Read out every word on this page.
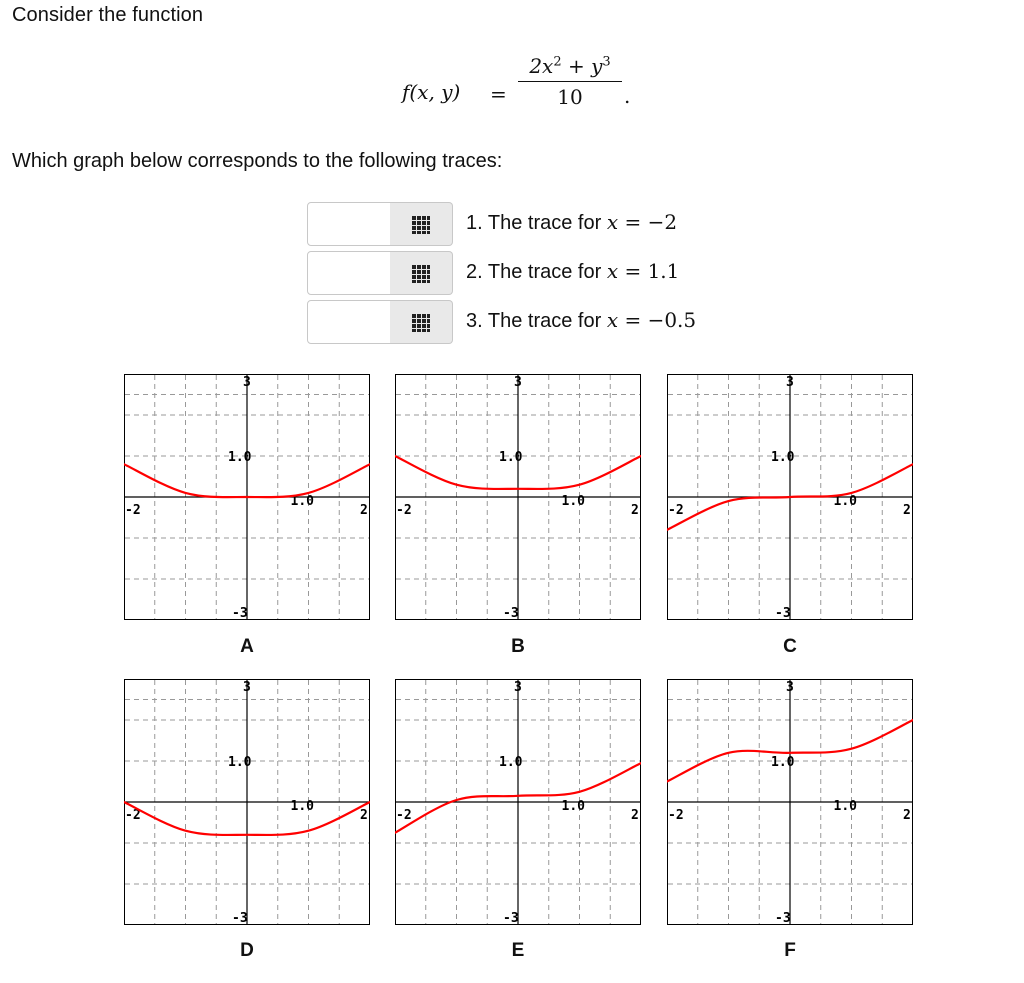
Consider the function
f(x, y) =
$2x^2 + y^3$
10	.
Which graph below corresponds to the following traces:
1. The trace for x = −2
2. The trace for x = 1.1
3. The trace for x = −0.5
3
-3
1.0
-2	2
1.0
A
3
-3
1.0
-2	2
1.0
B
3
-3
1.0
-2	2
1.0
C
3
-3
1.0
-2	2
1.0
D
3
-3
1.0
-2	2
1.0
E
3
-3
1.0
-2	2
1.0
F
